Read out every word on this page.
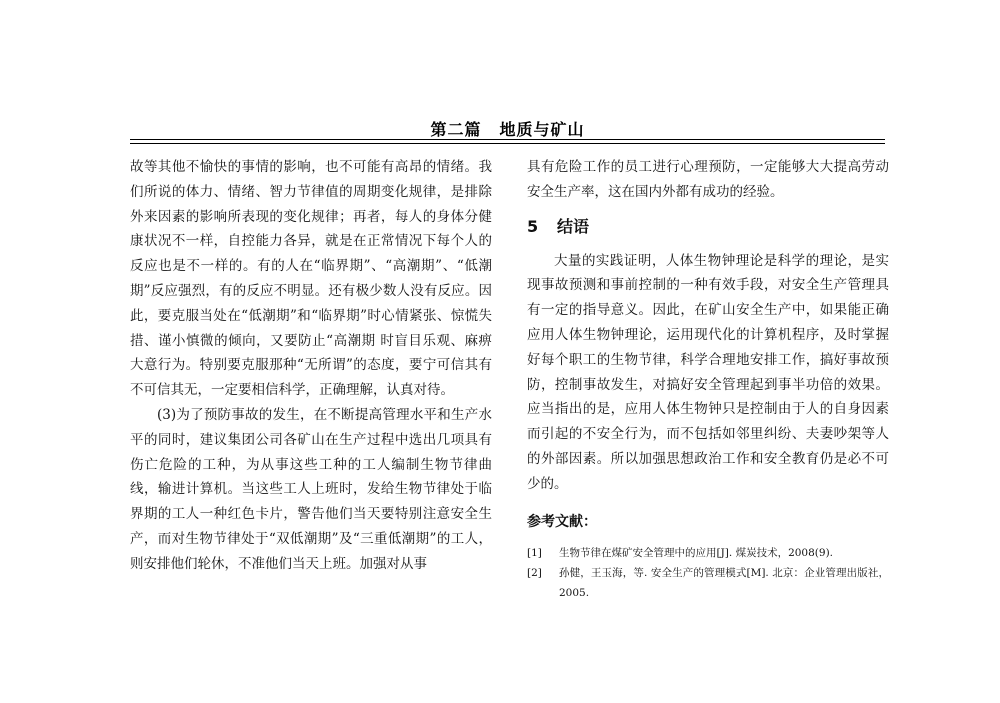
第二篇 地质与矿山

故等其他不愉快的事情的影响，也不可能有高昂的情绪。我们所说的体力、情绪、智力节律值的周期变化规律，是排除外来因素的影响所表现的变化规律；再者，每人的身体分健康状况不一样，自控能力各异，就是在正常情况下每个人的反应也是不一样的。有的人在“临界期”、“高潮期”、“低潮期”反应强烈，有的反应不明显。还有极少数人没有反应。因此，要克服当处在“低潮期”和“临界期”时心情紧张、惊慌失措、谨小慎微的倾向，又要防止“高潮期 时盲目乐观、麻痹大意行为。特别要克服那种“无所谓”的态度，要宁可信其有不可信其无，一定要相信科学，正确理解，认真对待。

(3)为了预防事故的发生，在不断提高管理水平和生产水平的同时，建议集团公司各矿山在生产过程中选出几项具有伤亡危险的工种，为从事这些工种的工人编制生物节律曲线，输进计算机。当这些工人上班时，发给生物节律处于临界期的工人一种红色卡片，警告他们当天要特别注意安全生产，而对生物节律处于“双低潮期”及“三重低潮期”的工人，则安排他们轮休，不准他们当天上班。加强对从事

具有危险工作的员工进行心理预防，一定能够大大提高劳动安全生产率，这在国内外都有成功的经验。

5 结语

大量的实践证明，人体生物钟理论是科学的理论，是实现事故预测和事前控制的一种有效手段，对安全生产管理具有一定的指导意义。因此，在矿山安全生产中，如果能正确应用人体生物钟理论，运用现代化的计算机程序，及时掌握好每个职工的生物节律，科学合理地安排工作，搞好事故预防，控制事故发生，对搞好安全管理起到事半功倍的效果。应当指出的是，应用人体生物钟只是控制由于人的自身因素而引起的不安全行为，而不包括如邻里纠纷、夫妻吵架等人的外部因素。所以加强思想政治工作和安全教育仍是必不可少的。

参考文献：
[1]	生物节律在煤矿安全管理中的应用[J]. 煤炭技术，2008(9).
[2]	孙健，王玉海，等. 安全生产的管理模式[M]. 北京：企业管理出版社，2005.
